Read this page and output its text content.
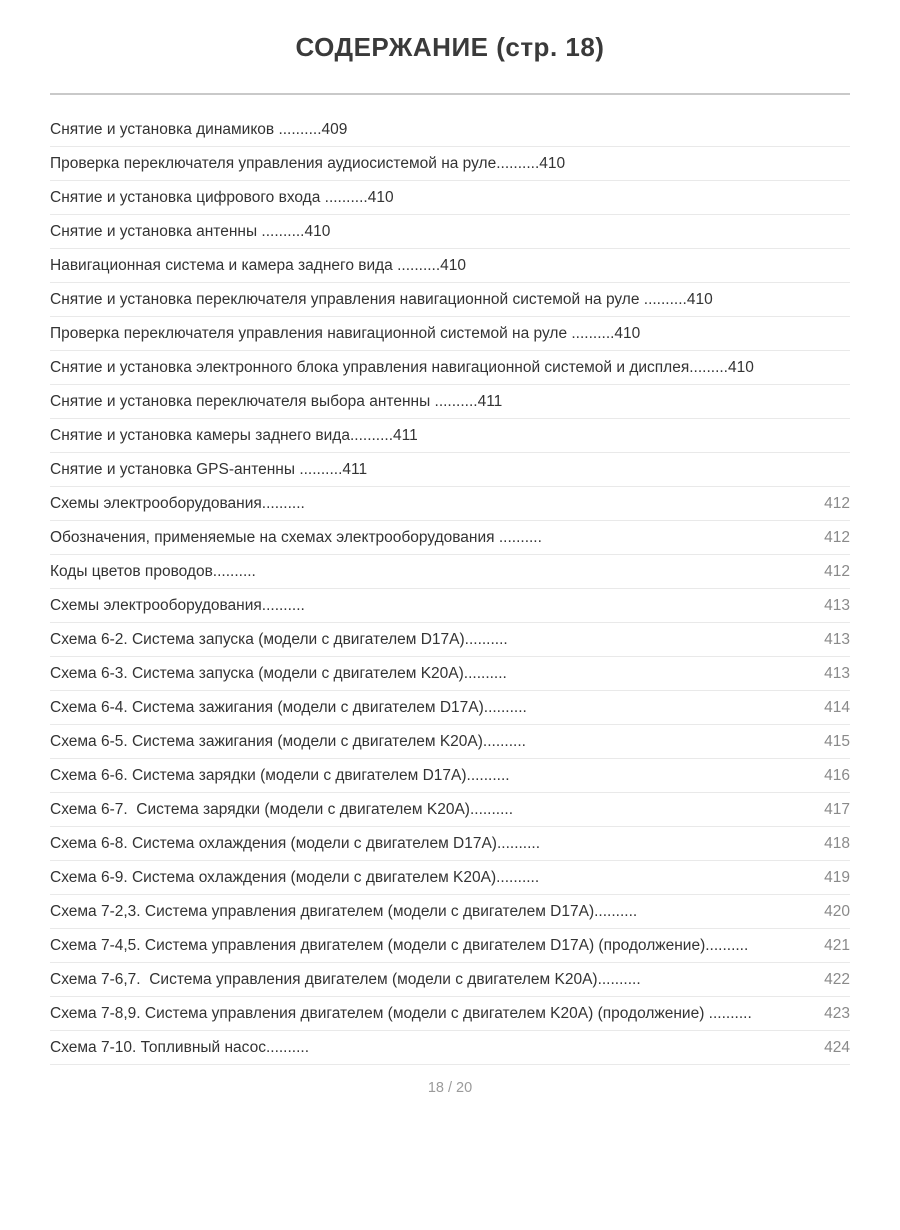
СОДЕРЖАНИЕ (стр. 18)
Снятие и установка динамиков ..........409
Проверка переключателя управления аудиосистемой на руле..........410
Снятие и установка цифрового входа ..........410
Снятие и установка антенны ..........410
Навигационная система и камера заднего вида ..........410
Снятие и установка переключателя управления навигационной системой на руле ..........410
Проверка переключателя управления навигационной системой на руле ..........410
Снятие и установка электронного блока управления навигационной системой и дисплея.........410
Снятие и установка переключателя выбора антенны ..........411
Снятие и установка камеры заднего вида..........411
Снятие и установка GPS-антенны ..........411
Схемы электрооборудования..........	412
Обозначения, применяемые на схемах электрооборудования ..........	412
Коды цветов проводов..........	412
Схемы электрооборудования..........	413
Схема 6-2. Система запуска (модели с двигателем D17A)..........	413
Схема 6-3. Система запуска (модели с двигателем K20A)..........	413
Схема 6-4. Система зажигания (модели с двигателем D17A)..........	414
Схема 6-5. Система зажигания (модели с двигателем K20A)..........	415
Схема 6-6. Система зарядки (модели с двигателем D17A)..........	416
Схема 6-7.  Система зарядки (модели с двигателем K20A)..........	417
Схема 6-8. Система охлаждения (модели с двигателем D17A)..........	418
Схема 6-9. Система охлаждения (модели с двигателем K20A)..........	419
Схема 7-2,3. Система управления двигателем (модели с двигателем D17A)..........	420
Схема 7-4,5. Система управления двигателем (модели с двигателем D17A) (продолжение)..........	421
Схема 7-6,7.  Система управления двигателем (модели с двигателем K20A)..........	422
Схема 7-8,9. Система управления двигателем (модели с двигателем K20A) (продолжение) ..........	423
Схема 7-10. Топливный насос..........	424
18 / 20
